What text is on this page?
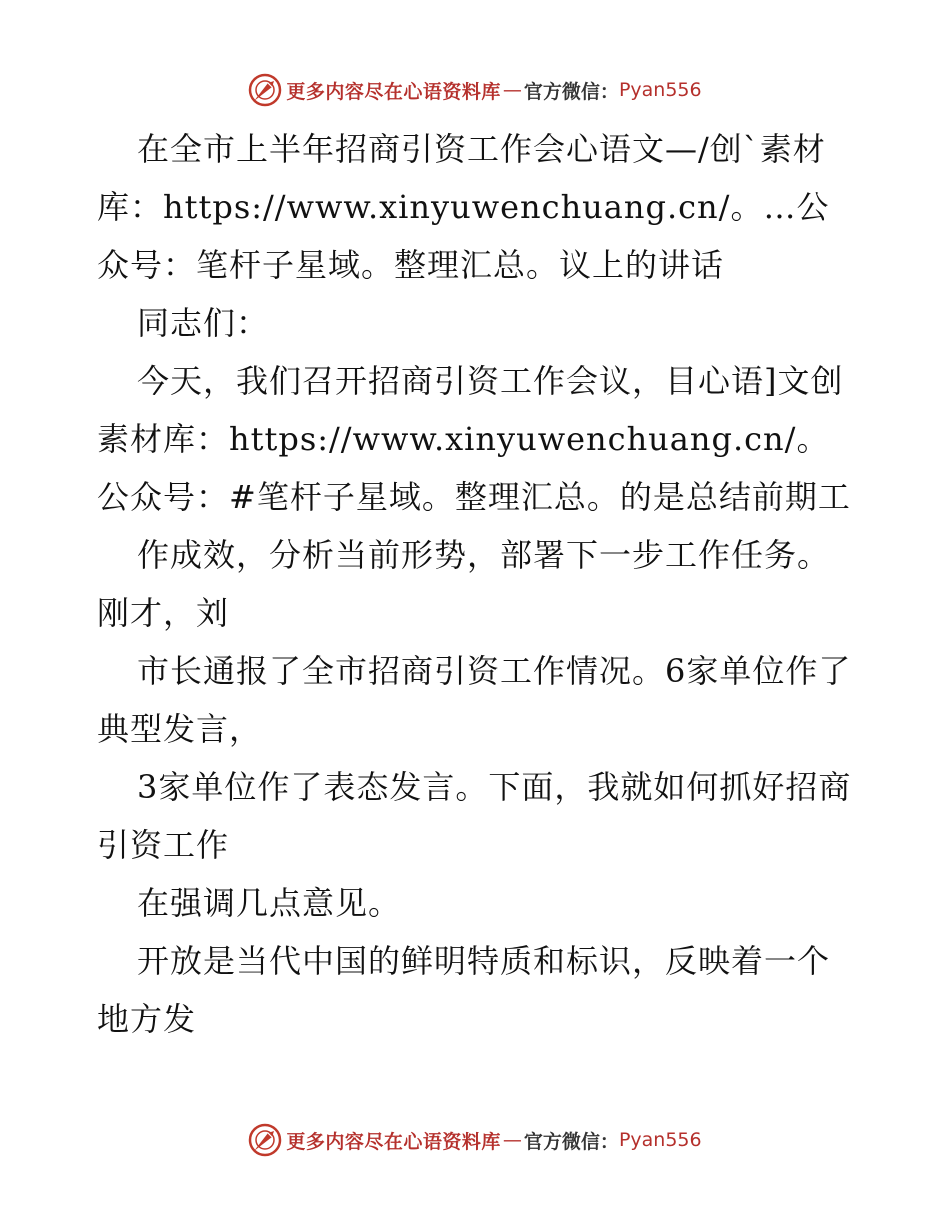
更多内容尽在心语资料库 — 官方微信： Pyan556

在全市上半年招商引资工作会心语文—/创`素材库：https://www.xinyuwenchuang.cn/。…公众号：笔杆子星域。整理汇总。议上的讲话

同志们：

今天，我们召开招商引资工作会议，目心语]文创素材库：https://www.xinyuwenchuang.cn/。公众号：#笔杆子星域。整理汇总。的是总结前期工

作成效，分析当前形势，部署下一步工作任务。刚才，刘

市长通报了全市招商引资工作情况。6家单位作了典型发言，

3家单位作了表态发言。下面，我就如何抓好招商引资工作

在强调几点意见。

开放是当代中国的鲜明特质和标识，反映着一个地方发

更多内容尽在心语资料库 — 官方微信： Pyan556
